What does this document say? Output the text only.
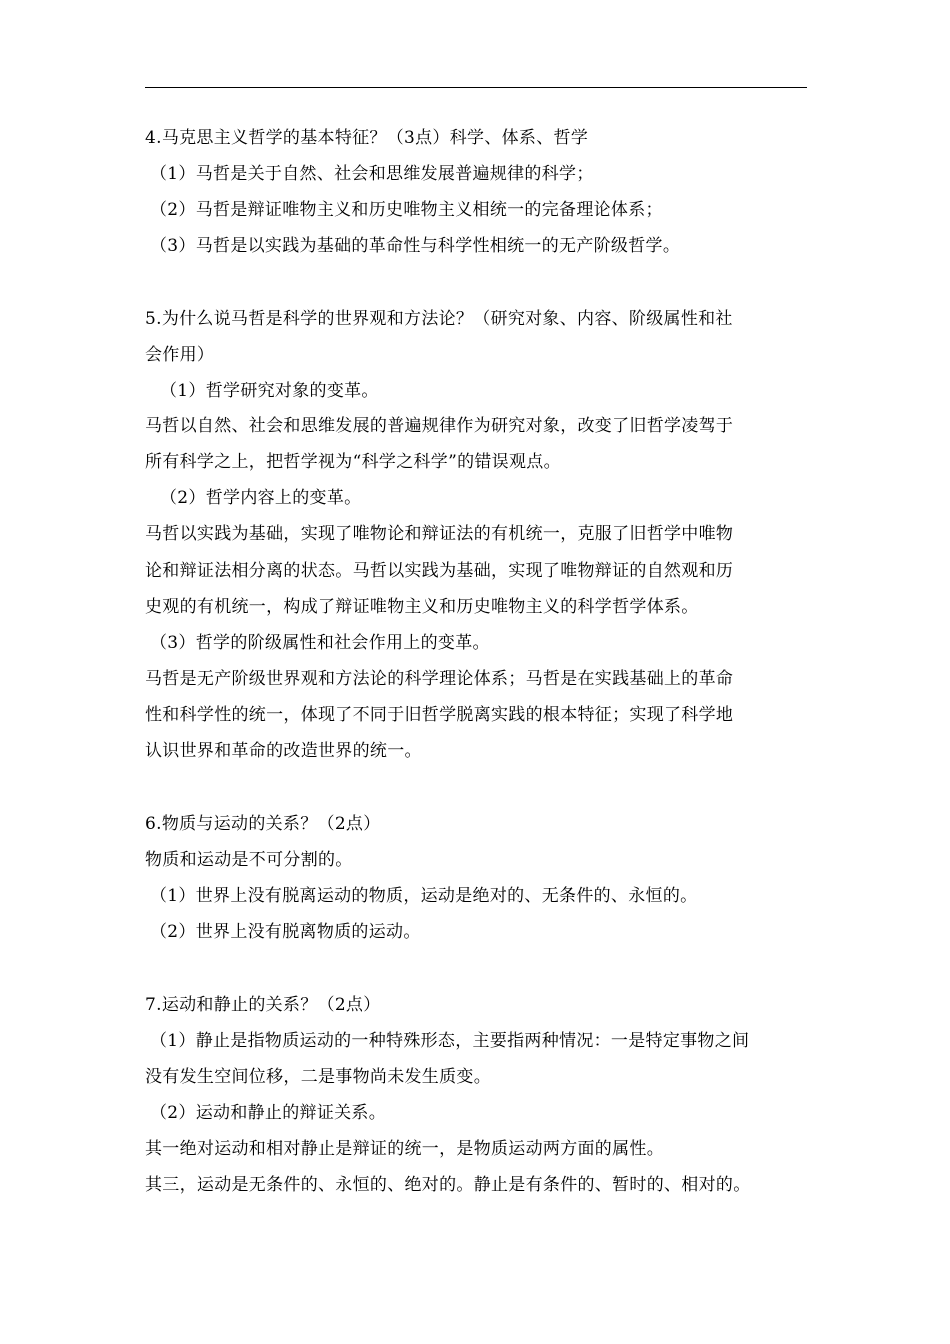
4.马克思主义哲学的基本特征？（3点）科学、体系、哲学
（1）马哲是关于自然、社会和思维发展普遍规律的科学；
（2）马哲是辩证唯物主义和历史唯物主义相统一的完备理论体系；
（3）马哲是以实践为基础的革命性与科学性相统一的无产阶级哲学。
5.为什么说马哲是科学的世界观和方法论？（研究对象、内容、阶级属性和社
会作用）
（1）哲学研究对象的变革。
马哲以自然、社会和思维发展的普遍规律作为研究对象，改变了旧哲学凌驾于
所有科学之上，把哲学视为“科学之科学”的错误观点。
（2）哲学内容上的变革。
马哲以实践为基础，实现了唯物论和辩证法的有机统一，克服了旧哲学中唯物
论和辩证法相分离的状态。马哲以实践为基础，实现了唯物辩证的自然观和历
史观的有机统一，构成了辩证唯物主义和历史唯物主义的科学哲学体系。
（3）哲学的阶级属性和社会作用上的变革。
马哲是无产阶级世界观和方法论的科学理论体系；马哲是在实践基础上的革命
性和科学性的统一，体现了不同于旧哲学脱离实践的根本特征；实现了科学地
认识世界和革命的改造世界的统一。
6.物质与运动的关系？（2点）
物质和运动是不可分割的。
（1）世界上没有脱离运动的物质，运动是绝对的、无条件的、永恒的。
（2）世界上没有脱离物质的运动。
7.运动和静止的关系？（2点）
（1）静止是指物质运动的一种特殊形态，主要指两种情况：一是特定事物之间
没有发生空间位移，二是事物尚未发生质变。
（2）运动和静止的辩证关系。
其一绝对运动和相对静止是辩证的统一，是物质运动两方面的属性。
其三，运动是无条件的、永恒的、绝对的。静止是有条件的、暂时的、相对的。
